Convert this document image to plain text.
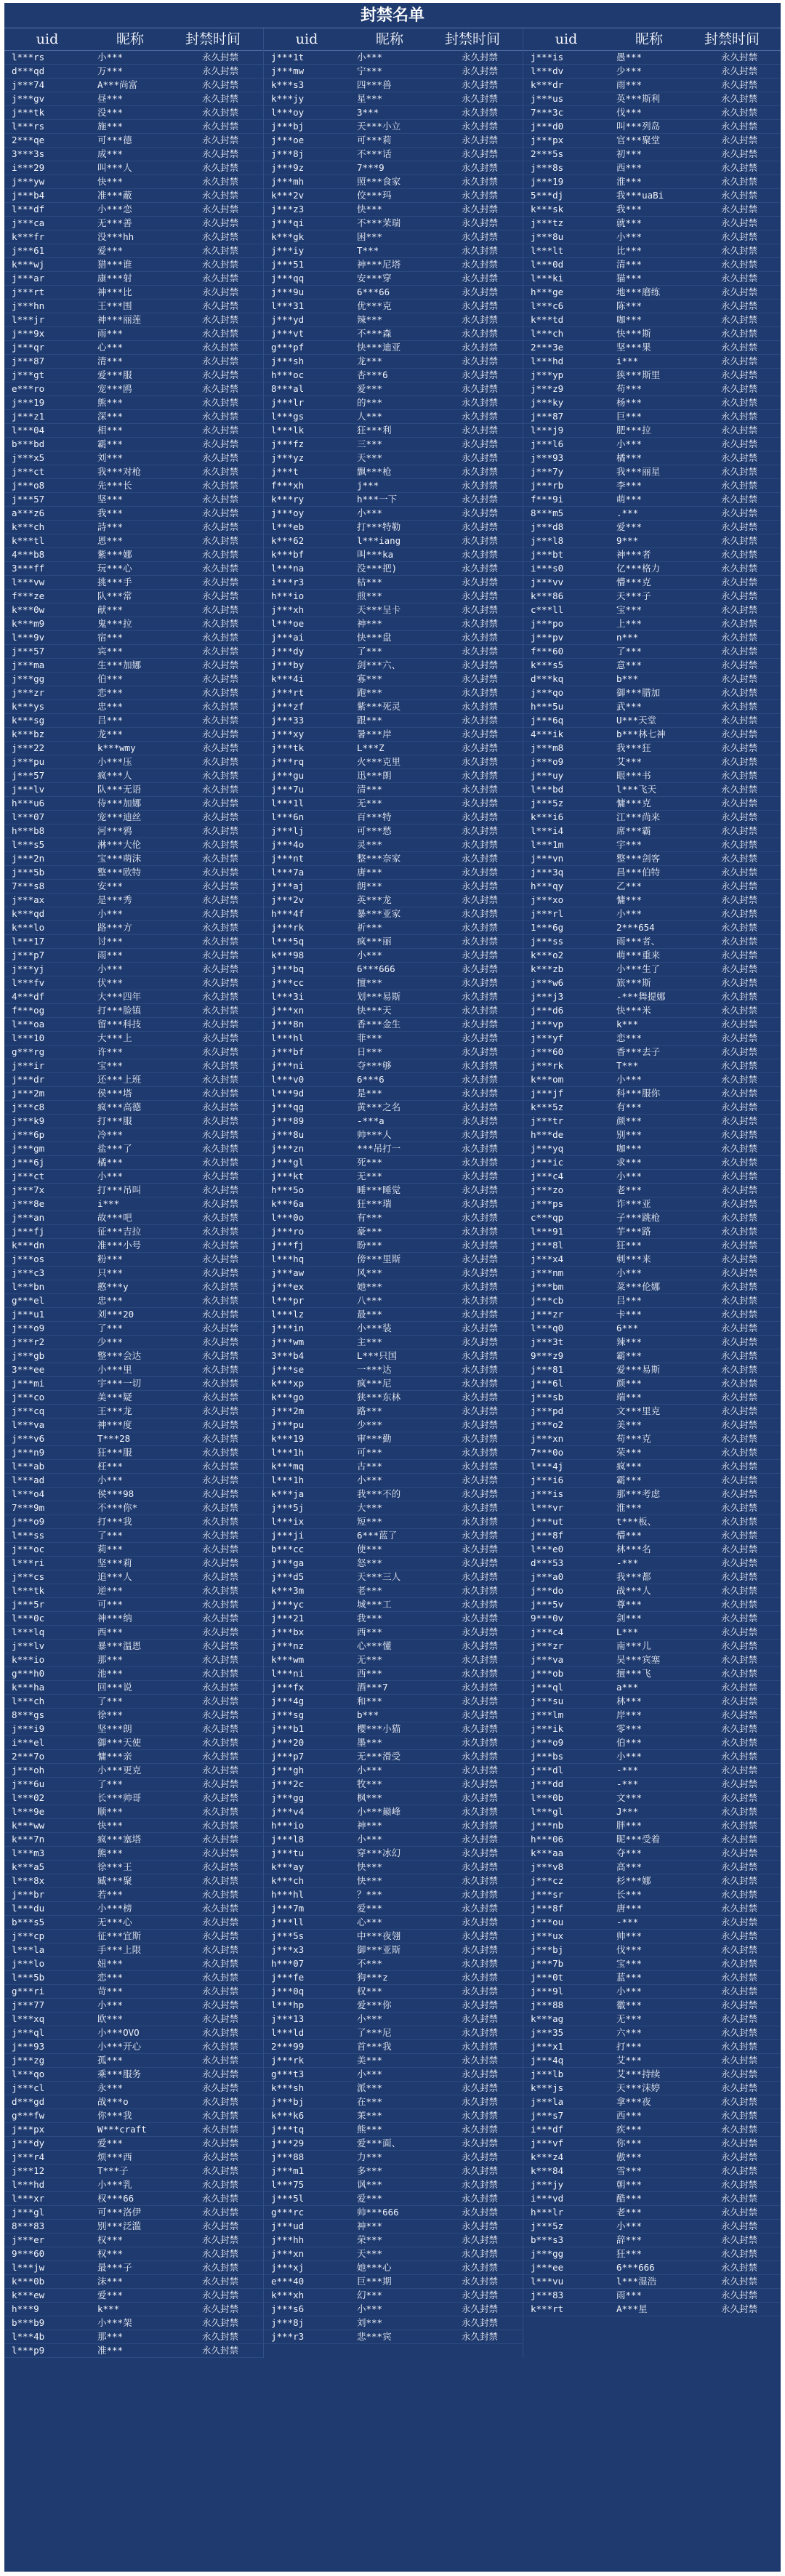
封禁名单
uid	昵称	封禁时间
l***rs	小***	永久封禁
d***qd	万***	永久封禁
j***74	A***尚富	永久封禁
j***gv	昼***	永久封禁
j***tk	没***	永久封禁
l***rs	施***	永久封禁
2***qe	可***德	永久封禁
3***3s	成***	永久封禁
i***29	叫***人	永久封禁
j***yw	快***	永久封禁
j***b4	准***蔽	永久封禁
l***df	小***恋	永久封禁
j***ca	无***善	永久封禁
k***fr	没***hh	永久封禁
j***61	爱***	永久封禁
k***wj	猎***谁	永久封禁
j***ar	康***射	永久封禁
j***rt	神***比	永久封禁
j***hn	王***围	永久封禁
l***jr	神***丽莲	永久封禁
j***9x	雨***	永久封禁
j***qr	心***	永久封禁
j***87	清***	永久封禁
j***gt	爱***服	永久封禁
e***ro	宠***鸥	永久封禁
j***19	熊***	永久封禁
j***z1	深***	永久封禁
l***04	相***	永久封禁
b***bd	霸***	永久封禁
j***x5	刘***	永久封禁
j***ct	我***对枪	永久封禁
j***o8	先***长	永久封禁
j***57	坚***	永久封禁
a***z6	我***	永久封禁
k***ch	詩***	永久封禁
k***tl	恩***	永久封禁
4***b8	紫***娜	永久封禁
3***ff	玩***心	永久封禁
l***vw	挑***手	永久封禁
f***ze	队***常	永久封禁
k***0w	献***	永久封禁
k***m9	鬼***拉	永久封禁
l***9v	宿***	永久封禁
j***57	宾***	永久封禁
j***ma	生***加娜	永久封禁
j***gg	伯***	永久封禁
j***zr	恋***	永久封禁
k***ys	忠***	永久封禁
k***sg	吕***	永久封禁
k***bz	龙***	永久封禁
j***22	k***wmy	永久封禁
j***pu	小***压	永久封禁
j***57	疯***人	永久封禁
j***lv	队***无语	永久封禁
h***u6	侍***加娜	永久封禁
l***07	宠***迪丝	永久封禁
h***b8	河***鸦	永久封禁
l***s5	淋***大伦	永久封禁
j***2n	宝***萌沫	永久封禁
j***5b	整***欧特	永久封禁
7***s8	安***	永久封禁
j***ax	是***秀	永久封禁
k***qd	小***	永久封禁
k***lo	路***方	永久封禁
l***17	讨***	永久封禁
j***p7	雨***	永久封禁
j***yj	小***	永久封禁
l***fv	伏***	永久封禁
4***df	大***四年	永久封禁
f***og	打***脸镇	永久封禁
l***oa	留***科技	永久封禁
l***10	大***上	永久封禁
g***rg	许***	永久封禁
j***ir	宝***	永久封禁
j***dr	还***上班	永久封禁
j***2m	侯***塔	永久封禁
j***c8	疯***高德	永久封禁
j***k9	打***服	永久封禁
j***6p	冷***	永久封禁
j***gm	盐***了	永久封禁
j***6j	橘***	永久封禁
j***ct	小***	永久封禁
j***7x	打***吊叫	永久封禁
j***8e	i***	永久封禁
j***an	故***吧	永久封禁
j***fj	征***吉拉	永久封禁
k***dn	准***小号	永久封禁
j***os	粉***	永久封禁
j***c3	只***	永久封禁
l***bn	憨***y	永久封禁
g***el	忠***	永久封禁
j***u1	刘***20	永久封禁
j***o9	了***	永久封禁
j***r2	少***	永久封禁
j***gb	整***会达	永久封禁
3***ee	小***里	永久封禁
j***mi	宇***一切	永久封禁
j***co	美***疑	永久封禁
j***cq	王***龙	永久封禁
l***va	神***度	永久封禁
j***v6	T***28	永久封禁
j***n9	狂***服	永久封禁
l***ab	枉***	永久封禁
l***ad	小***	永久封禁
l***o4	侯***98	永久封禁
7***9m	不***你*	永久封禁
j***o9	打***我	永久封禁
l***ss	了***	永久封禁
j***oc	莉***	永久封禁
l***ri	坚***莉	永久封禁
j***cs	追***人	永久封禁
l***tk	逆***	永久封禁
j***5r	可***	永久封禁
l***0c	神***纳	永久封禁
l***lq	西***	永久封禁
j***lv	暴***温恩	永久封禁
k***io	那***	永久封禁
g***h0	池***	永久封禁
k***ha	回***说	永久封禁
l***ch	了***	永久封禁
8***gs	徐***	永久封禁
j***i9	坚***朗	永久封禁
i***el	御***天使	永久封禁
2***7o	慵***亲	永久封禁
j***oh	小***更克	永久封禁
j***6u	了***	永久封禁
l***02	长***帅哥	永久封禁
l***9e	顺***	永久封禁
k***ww	快***	永久封禁
k***7n	疯***塞塔	永久封禁
l***m3	熊***	永久封禁
k***a5	徐***王	永久封禁
l***8x	臧***聚	永久封禁
j***br	若***	永久封禁
l***du	小***榜	永久封禁
b***s5	无***心	永久封禁
j***cp	征***宜斯	永久封禁
l***la	手***上限	永久封禁
j***lo	妞***	永久封禁
l***5b	恋***	永久封禁
g***ri	苛***	永久封禁
j***77	小***	永久封禁
l***xq	欧***	永久封禁
j***ql	小***OVO	永久封禁
j***93	小***开心	永久封禁
j***zg	孤***	永久封禁
l***qo	乘***服务	永久封禁
j***cl	永***	永久封禁
d***gd	战***o	永久封禁
g***fw	你***我	永久封禁
j***px	W***craft	永久封禁
j***dy	爱***	永久封禁
j***r4	烦***西	永久封禁
j***12	T***子	永久封禁
l***hd	小***乳	永久封禁
l***xr	权***66	永久封禁
j***gl	可***洛伊	永久封禁
8***83	别***泛滥	永久封禁
j***er	权***	永久封禁
9***60	权***	永久封禁
l***jw	最***子	永久封禁
k***0b	沫***	永久封禁
k***ew	爱***	永久封禁
h***9	k***	永久封禁
b***b9	小***架	永久封禁
l***4b	那***	永久封禁
l***p9	准***	永久封禁
uid	昵称	封禁时间
j***1t	小***	永久封禁
j***mw	宁***	永久封禁
k***s3	四***兽	永久封禁
k***jy	星***	永久封禁
l***oy	3***	永久封禁
j***bj	天***小立	永久封禁
j***oe	可***莉	永久封禁
j***8j	不***话	永久封禁
j***9z	7***9	永久封禁
j***mh	照***食家	永久封禁
k***2v	佼***玛	永久封禁
j***z3	快***	永久封禁
j***qi	不***茉瑞	永久封禁
k***gk	困***	永久封禁
j***iy	T***	永久封禁
j***51	神***尼塔	永久封禁
j***qq	安***穿	永久封禁
j***9u	6***66	永久封禁
l***31	优***克	永久封禁
j***yd	辣***	永久封禁
j***vt	不***森	永久封禁
g***pf	快***迪亚	永久封禁
j***sh	龙***	永久封禁
h***oc	杏***6	永久封禁
8***al	爱***	永久封禁
j***lr	的***	永久封禁
l***gs	人***	永久封禁
l***lk	狂***利	永久封禁
j***fz	三***	永久封禁
j***yz	天***	永久封禁
j***t	飘***枪	永久封禁
f***xh	j***	永久封禁
k***ry	h***一下	永久封禁
j***oy	小***	永久封禁
l***eb	打***特勒	永久封禁
k***62	l***iang	永久封禁
k***bf	叫***ka	永久封禁
l***na	没***把)	永久封禁
i***r3	枯***	永久封禁
h***io	煎***	永久封禁
j***xh	天***呈卡	永久封禁
l***oe	神***	永久封禁
j***ai	快***盘	永久封禁
j***dy	了***	永久封禁
j***by	剑***六、	永久封禁
k***4i	寡***	永久封禁
j***rt	跑***	永久封禁
j***zf	紫***死灵	永久封禁
j***33	跟***	永久封禁
j***xy	暑***岸	永久封禁
j***tk	L***Z	永久封禁
j***rq	火***克里	永久封禁
j***gu	迅***朗	永久封禁
j***7u	清***	永久封禁
l***1l	无***	永久封禁
l***6n	百***特	永久封禁
j***lj	可***愁	永久封禁
j***4o	灵***	永久封禁
j***nt	整***奈家	永久封禁
l***7a	唐***	永久封禁
j***aj	朗***	永久封禁
j***2v	英***龙	永久封禁
h***4f	暴***亚家	永久封禁
j***rk	祈***	永久封禁
l***5q	疯***丽	永久封禁
k***98	小***	永久封禁
j***bq	6***666	永久封禁
j***cc	擅***	永久封禁
l***3i	划***易斯	永久封禁
j***xn	快***天	永久封禁
j***8n	香***金生	永久封禁
l***hl	菲***	永久封禁
j***bf	日***	永久封禁
j***ni	夺***够	永久封禁
l***v0	6***6	永久封禁
l***9d	是***	永久封禁
j***qg	黄***之名	永久封禁
j***89	-***a	永久封禁
j***8u	帅***人	永久封禁
j***zn	***吊打一	永久封禁
j***gl	死***	永久封禁
j***kt	无***	永久封禁
h***5o	睡***睡觉	永久封禁
k***6a	狂***瑞	永久封禁
l***0o	有***	永久封禁
j***ro	豪***	永久封禁
j***fj	盼***	永久封禁
l***hq	傍***里斯	永久封禁
j***aw	风***	永久封禁
j***ex	她***	永久封禁
l***pr	八***	永久封禁
l***lz	最***	永久封禁
j***in	小***装	永久封禁
j***wm	主***	永久封禁
3***b4	L***只国	永久封禁
j***se	一***达	永久封禁
k***xp	疯***尼	永久封禁
k***go	狭***东林	永久封禁
j***2m	路***	永久封禁
j***pu	少***	永久封禁
k***19	审***勤	永久封禁
l***1h	可***	永久封禁
k***mq	古***	永久封禁
l***1h	小***	永久封禁
k***ja	我***不的	永久封禁
j***5j	大***	永久封禁
l***ix	短***	永久封禁
j***ji	6***蓝了	永久封禁
b***cc	使***	永久封禁
j***ga	怒***	永久封禁
j***d5	天***三人	永久封禁
k***3m	老***	永久封禁
j***yc	城***工	永久封禁
j***21	我***	永久封禁
j***bx	西***	永久封禁
j***nz	心***懂	永久封禁
k***wm	无***	永久封禁
l***ni	西***	永久封禁
j***fx	酒***7	永久封禁
j***4g	和***	永久封禁
j***sg	b***	永久封禁
j***b1	樱***小猫	永久封禁
j***20	墨***	永久封禁
j***p7	无***滑受	永久封禁
j***gh	小***	永久封禁
j***2c	牧***	永久封禁
j***gg	枫***	永久封禁
j***v4	小***巅峰	永久封禁
h***io	神***	永久封禁
j***l8	小***	永久封禁
j***tu	穿***冰幻	永久封禁
k***ay	快***	永久封禁
k***ch	快***	永久封禁
h***hl	？***	永久封禁
j***7m	爱***	永久封禁
j***ll	心***	永久封禁
j***5s	中***夜翎	永久封禁
j***x3	御***亚斯	永久封禁
h***07	不***	永久封禁
j***fe	狗***z	永久封禁
j***0q	权***	永久封禁
l***hp	爱***你	永久封禁
j***13	小***	永久封禁
l***ld	了***尼	永久封禁
2***99	首***我	永久封禁
j***rk	美***	永久封禁
g***t3	小***	永久封禁
k***sh	派***	永久封禁
j***bj	在***	永久封禁
k***k6	茉***	永久封禁
j***tq	熊***	永久封禁
j***29	爱***面、	永久封禁
j***88	力***	永久封禁
j***m1	多***	永久封禁
l***75	讽***	永久封禁
j***5l	爱***	永久封禁
g***rc	帅***666	永久封禁
j***ud	神***	永久封禁
j***hh	荣***	永久封禁
j***xn	天***	永久封禁
j***xj	她***心	永久封禁
e***40	巨***期	永久封禁
k***xh	幻***	永久封禁
j***s6	小***	永久封禁
j***8j	刘***	永久封禁
j***r3	悲***宾	永久封禁
uid	昵称	封禁时间
j***is	愚***	永久封禁
l***dv	少***	永久封禁
k***dr	雨***	永久封禁
j***us	英***斯利	永久封禁
7***3c	伐***	永久封禁
j***d0	叫***列岛	永久封禁
j***px	官***聚堂	永久封禁
2***5s	初***	永久封禁
j***8s	西***	永久封禁
j***19	淮***	永久封禁
5***dj	我***uaBi	永久封禁
k***sk	我***	永久封禁
j***tz	就***	永久封禁
j***8u	小***	永久封禁
l***lt	比***	永久封禁
l***0d	清***	永久封禁
l***ki	猫***	永久封禁
h***ge	地***磨练	永久封禁
l***c6	陈***	永久封禁
k***td	咖***	永久封禁
l***ch	快***斯	永久封禁
2***3e	坚***果	永久封禁
l***hd	i***	永久封禁
j***yp	狭***斯里	永久封禁
j***z9	苟***	永久封禁
j***ky	杨***	永久封禁
j***87	巨***	永久封禁
l***j9	肥***拉	永久封禁
j***l6	小***	永久封禁
j***93	橘***	永久封禁
j***7y	我***丽星	永久封禁
j***rb	李***	永久封禁
f***9i	萌***	永久封禁
8***m5	.***	永久封禁
j***d8	爱***	永久封禁
j***l8	9***	永久封禁
j***bt	神***者	永久封禁
i***s0	亿***格力	永久封禁
j***vv	懵***克	永久封禁
k***86	天***子	永久封禁
c***ll	宝***	永久封禁
j***po	上***	永久封禁
j***pv	n***	永久封禁
f***60	了***	永久封禁
k***s5	意***	永久封禁
d***kq	b***	永久封禁
j***qo	御***腊加	永久封禁
h***5u	武***	永久封禁
j***6q	U***天堂	永久封禁
4***ik	b***林七神	永久封禁
j***m8	我***狂	永久封禁
j***o9	艾***	永久封禁
j***uy	眼***书	永久封禁
l***bd	l***飞天	永久封禁
j***5z	慵***克	永久封禁
k***i6	江***尚来	永久封禁
l***i4	席***霸	永久封禁
l***1m	宇***	永久封禁
j***vn	整***剑客	永久封禁
j***3q	昌***伯特	永久封禁
h***qy	乙***	永久封禁
j***xo	慵***	永久封禁
j***rl	小***	永久封禁
1***6g	2***654	永久封禁
j***ss	雨***者、	永久封禁
k***o2	萌***重来	永久封禁
k***zb	小***生了	永久封禁
j***w6	旅***斯	永久封禁
j***j3	-***舞提娜	永久封禁
j***d6	快***米	永久封禁
j***vp	k***	永久封禁
j***yf	恋***	永久封禁
j***60	香***去子	永久封禁
j***rk	T***	永久封禁
k***om	小***	永久封禁
j***jf	科***服你	永久封禁
k***5z	有***	永久封禁
j***tr	颜***	永久封禁
h***de	别***	永久封禁
j***yq	咖***	永久封禁
j***ic	求***	永久封禁
j***c4	小***	永久封禁
j***zo	老***	永久封禁
j***ps	诈***亚	永久封禁
c***qp	子***跳枪	永久封禁
l***91	芋***路	永久封禁
j***8l	狂***	永久封禁
j***x4	刺***来	永久封禁
j***nm	小***	永久封禁
j***bm	菜***伦娜	永久封禁
j***cb	吕***	永久封禁
j***zr	卡***	永久封禁
l***q0	6***	永久封禁
j***3t	辣***	永久封禁
9***z9	霸***	永久封禁
j***81	爱***易斯	永久封禁
j***6l	颜***	永久封禁
j***sb	端***	永久封禁
j***pd	文***里克	永久封禁
j***o2	美***	永久封禁
j***xn	苟***克	永久封禁
7***0o	荣***	永久封禁
l***4j	疯***	永久封禁
j***i6	霸***	永久封禁
j***is	那***考虑	永久封禁
l***vr	淮***	永久封禁
j***ut	t***板、	永久封禁
j***8f	懵***	永久封禁
l***e0	林***名	永久封禁
d***53	-***	永久封禁
j***a0	我***都	永久封禁
j***do	战***人	永久封禁
j***5v	尊***	永久封禁
9***0v	剑***	永久封禁
j***c4	L***	永久封禁
j***zr	南***儿	永久封禁
j***va	吴***宾塞	永久封禁
j***ob	擅***飞	永久封禁
j***ql	a***	永久封禁
j***su	林***	永久封禁
j***lm	岸***	永久封禁
j***ik	零***	永久封禁
j***o9	伯***	永久封禁
j***bs	小***	永久封禁
j***dl	-***	永久封禁
j***dd	-***	永久封禁
l***0b	文***	永久封禁
l***gl	J***	永久封禁
j***nb	胖***	永久封禁
h***06	昵***受着	永久封禁
k***aa	夺***	永久封禁
j***v8	高***	永久封禁
j***cz	杉***娜	永久封禁
j***sr	长***	永久封禁
j***8f	唐***	永久封禁
j***ou	-***	永久封禁
j***ux	帅***	永久封禁
j***bj	伐***	永久封禁
j***7b	宝***	永久封禁
j***0t	蓝***	永久封禁
j***9l	小***	永久封禁
j***88	徽***	永久封禁
k***ag	无***	永久封禁
j***35	六***	永久封禁
j***x1	打***	永久封禁
j***4q	艾***	永久封禁
j***lb	艾***持续	永久封禁
k***js	天***沫婷	永久封禁
j***la	拿***夜	永久封禁
j***s7	西***	永久封禁
i***df	疾***	永久封禁
j***vf	你***	永久封禁
k***z4	傲***	永久封禁
k***84	雪***	永久封禁
j***jy	朝***	永久封禁
i***vd	酷***	永久封禁
h***lr	老***	永久封禁
j***5z	小***	永久封禁
b***s3	辞***	永久封禁
j***gg	狂***	永久封禁
j***ee	6***666	永久封禁
l***vu	l***湿浩	永久封禁
j***83	雨***	永久封禁
k***rt	A***星	永久封禁
